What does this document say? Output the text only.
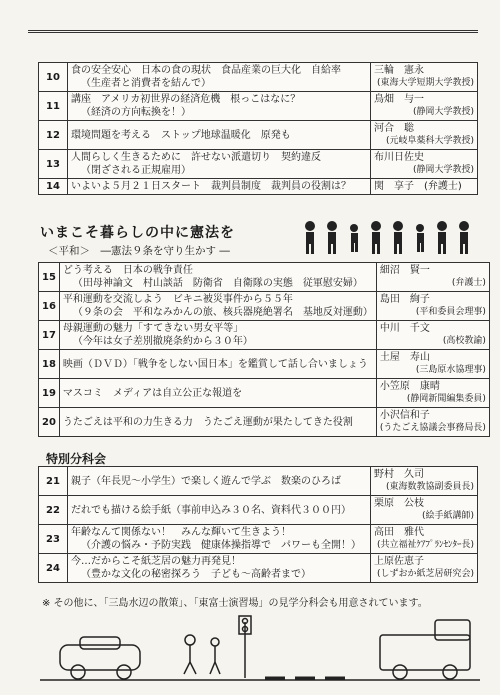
10	食の安全安心　日本の食の現状　食品産業の巨大化　自給率
（生産者と消費者を結んで）	三輪　憲永
(東海大学短期大学教授)

11	講座　アメリカ初世界の経済危機　根っこはなに？
（経済の方向転換を！）	鳥畑　与一
(静岡大学教授)

12	環境問題を考える　ストップ地球温暖化　原発も	河合　聡
(元岐阜薬科大学教授)

13	人間らしく生きるために　許せない派遣切り　契約違反
（閉ざされる正規雇用）	布川日佐史
(静岡大学教授)

14	いよいよ５月２１日スタート　裁判員制度　裁判員の役割は？	関　享子　(弁護士)
いまこそ暮らしの中に憲法を
＜平和＞　―憲法９条を守り生かす ―
15	どう考える　日本の戦争責任
（田母神論文　村山談話　防衛省　自衛隊の実態　従軍慰安婦）	細沼　賢一
(弁護士)

16	平和運動を交流しよう　ビキニ被災事件から５５年
（９条の会　平和なみかんの旅、核兵器廃絶署名　基地反対運動）	島田　絢子
(平和委員会理事)

17	母親運動の魅力「すてきない男女平等」
（今年は女子差別撤廃条約から３０年）	中川　千文
(高校教諭)

18	映画（ＤＶＤ）「戦争をしない国日本」を鑑賞して話し合いましょう	土屋　寿山
(三島原水協理事)

19	マスコミ　メディアは自立公正な報道を	小笠原　康晴
(静岡新聞編集委員)

20	うたごえは平和の力生きる力　うたごえ運動が果たしてきた役割	小沢信和子
(うたごえ協議会事務局長)
特別分科会
21	親子（年長児～小学生）で楽しく遊んで学ぶ　数楽のひろば	野村　久司
(東海数教協副委員長)

22	だれでも描ける絵手紙（事前申込み３０名、資料代３００円）	栗原　公枝
(絵手紙講師)

23	年齢なんて関係ない！　みんな輝いて生きよう！
（介護の悩み・予防実践　健康体操指導で　パワーも全開！）	高田　雅代
(共立福祉ｹｱﾌﾟﾗﾝｾﾝﾀｰ長)

24	今…だからこそ紙芝居の魅力再発見！
（豊かな文化の秘密探ろう　子ども～高齢者まで）	上原佐恵子
(しずおか紙芝居研究会)
※ その他に、「三島水辺の散策」、「東富士演習場」の見学分科会も用意されています。
